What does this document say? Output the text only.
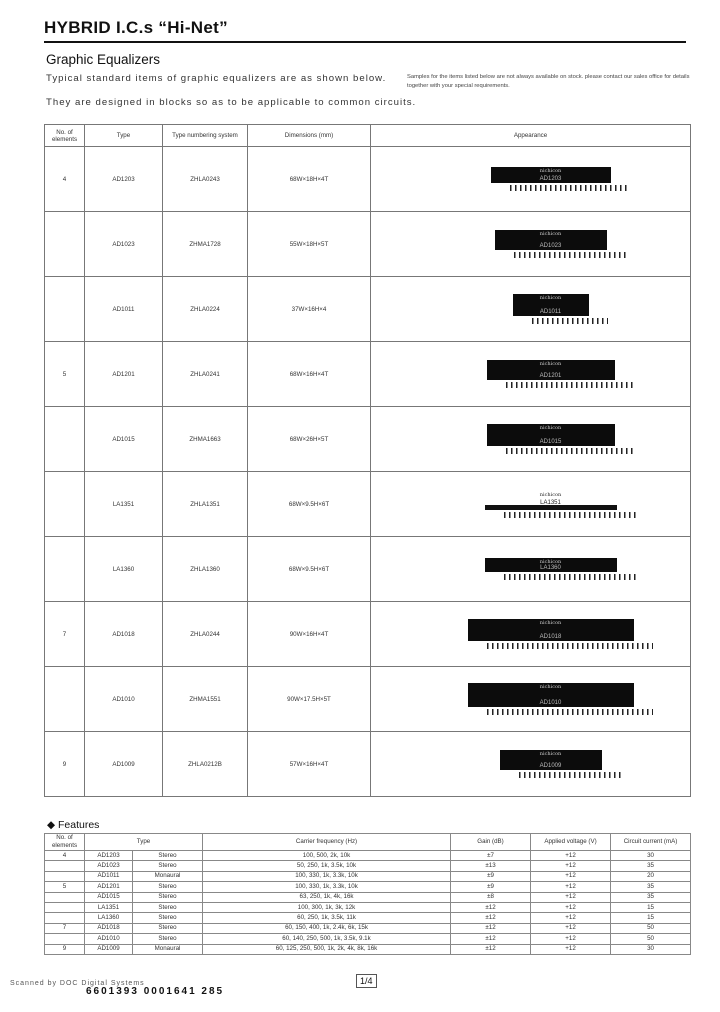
HYBRID I.C.s “Hi-Net”
Graphic Equalizers
Typical standard items of graphic equalizers are as shown below.
They are designed in blocks so as to be applicable to common circuits.
Samples for the items listed below are not always available on stock. please contact our sales office for details together with your special requirements.
No. of elements	Type	Type numbering system	Dimensions (mm)	Appearance
4	AD1203	ZHLA0243	68W×18H×4T	nichicon
AD1203

	AD1023	ZHMA1728	55W×18H×5T	nichicon
AD1023

	AD1011	ZHLA0224	37W×16H×4	nichicon
AD1011

5	AD1201	ZHLA0241	68W×16H×4T	nichicon
AD1201

	AD1015	ZHMA1663	68W×26H×5T	nichicon
AD1015

	LA1351	ZHLA1351	68W×9.5H×6T	nichicon
LA1351

	LA1360	ZHLA1360	68W×9.5H×6T	nichicon
LA1360

7	AD1018	ZHLA0244	90W×16H×4T	nichicon
AD1018

	AD1010	ZHMA1551	90W×17.5H×5T	nichicon
AD1010

9	AD1009	ZHLA0212B	57W×16H×4T	nichicon
AD1009
◆ Features
No. of elements	Type		Carrier frequency (Hz)	Gain (dB)	Applied voltage (V)	Circuit current (mA)
4	AD1203	Stereo	100, 500, 2k, 10k	±7	+12	30
	AD1023	Stereo	50, 250, 1k, 3.5k, 10k	±13	+12	35
	AD1011	Monaural	100, 330, 1k, 3.3k, 10k	±9	+12	20
5	AD1201	Stereo	100, 330, 1k, 3.3k, 10k	±9	+12	35
	AD1015	Stereo	63, 250, 1k, 4k, 16k	±8	+12	35
	LA1351	Stereo	100, 300, 1k, 3k, 12k	±12	+12	15
	LA1360	Stereo	60, 250, 1k, 3.5k, 11k	±12	+12	15
7	AD1018	Stereo	60, 150, 400, 1k, 2.4k, 6k, 15k	±12	+12	50
	AD1010	Stereo	60, 140, 250, 500, 1k, 3.5k, 9.1k	±12	+12	50
9	AD1009	Monaural	60, 125, 250, 500, 1k, 2k, 4k, 8k, 16k	±12	+12	30
Scanned by DOC Digital Systems
6601393 0001641 285
1/4
